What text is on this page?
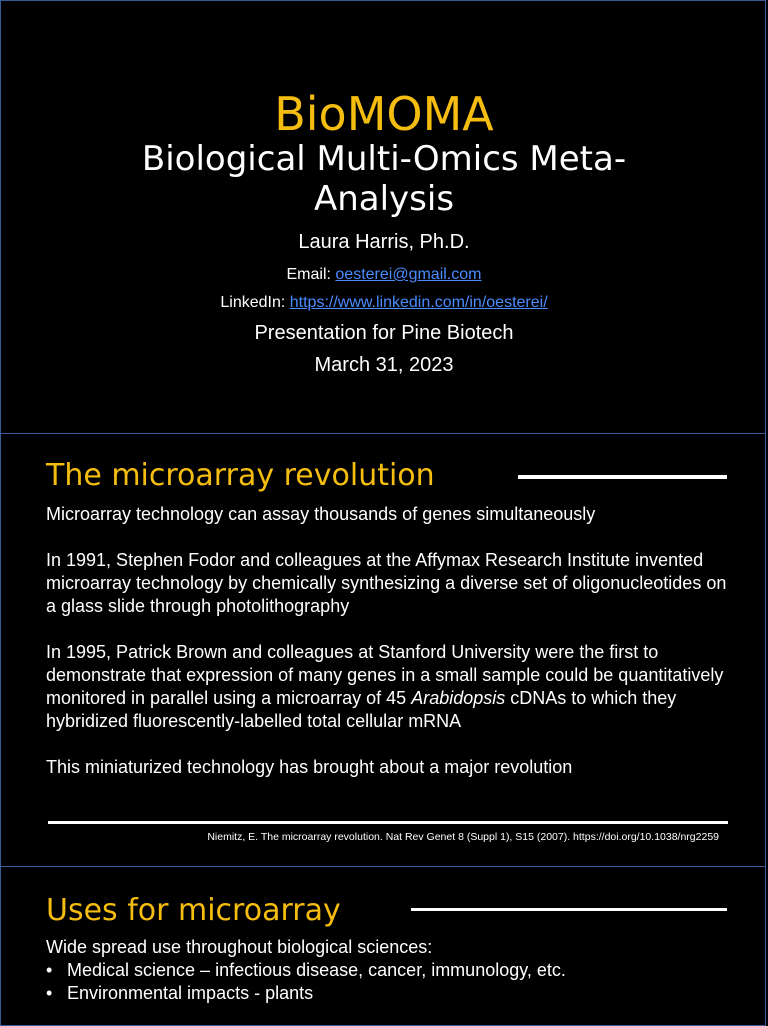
BioMOMA
Biological Multi-Omics Meta-
Analysis
Laura Harris, Ph.D.
Email: oesterei@gmail.com
LinkedIn: https://www.linkedin.com/in/oesterei/
Presentation for Pine Biotech
March 31, 2023
The microarray revolution

Microarray technology can assay thousands of genes simultaneously

In 1991, Stephen Fodor and colleagues at the Affymax Research Institute invented microarray technology by chemically synthesizing a diverse set of oligonucleotides on a glass slide through photolithography

In 1995, Patrick Brown and colleagues at Stanford University were the first to demonstrate that expression of many genes in a small sample could be quantitatively monitored in parallel using a microarray of 45 Arabidopsis cDNAs to which they hybridized fluorescently-labelled total cellular mRNA

This miniaturized technology has brought about a major revolution

Niemitz, E. The microarray revolution. Nat Rev Genet 8 (Suppl 1), S15 (2007). https://doi.org/10.1038/nrg2259
Uses for microarray
Wide spread use throughout biological sciences:
• Medical science – infectious disease, cancer, immunology, etc.
• Environmental impacts - plants
